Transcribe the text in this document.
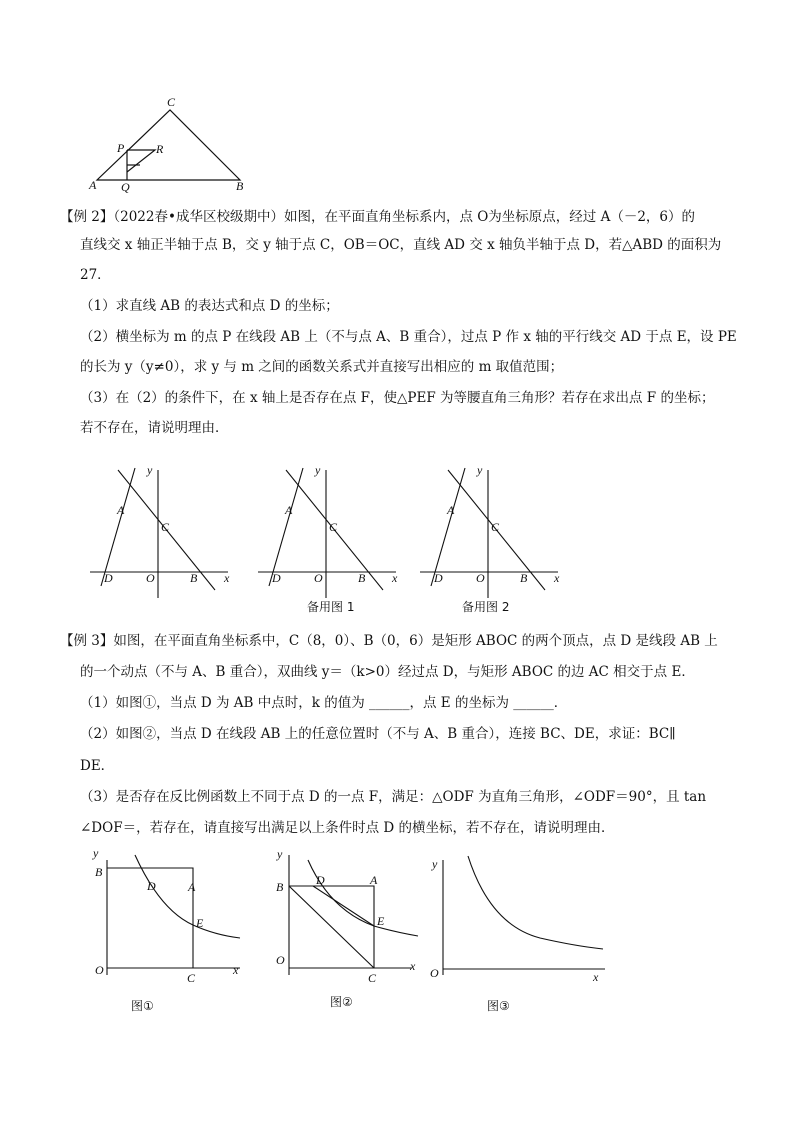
C
P	R
A Q	B
y
A
C
D	O	B x
y
A
C
D	O	B x
y
A
C
D	O	B x
y
B
D	A
E
O
C
x
y
B	D	A
E
O
C
x
y
O	x
【例 2】（2022春•成华区校级期中）如图，在平面直角坐标系内，点 O为坐标原点，经过 A（－2，6）的
直线交 x 轴正半轴于点 B，交 y 轴于点 C，OB＝OC，直线 AD 交 x 轴负半轴于点 D，若△ABD 的面积为
27．
（1）求直线 AB 的表达式和点 D 的坐标；
（2）横坐标为 m 的点 P 在线段 AB 上（不与点 A、B 重合），过点 P 作 x 轴的平行线交 AD 于点 E，设 PE
的长为 y（y≠0），求 y 与 m 之间的函数关系式并直接写出相应的 m 取值范围；
（3）在（2）的条件下，在 x 轴上是否存在点 F，使△PEF 为等腰直角三角形？若存在求出点 F 的坐标；
若不存在，请说明理由．
备用图 1	备用图 2
【例 3】如图，在平面直角坐标系中，C（8，0）、B（0，6）是矩形 ABOC 的两个顶点，点 D 是线段 AB 上
的一个动点（不与 A、B 重合），双曲线 y＝（k>0）经过点 D，与矩形 ABOC 的边 AC 相交于点 E．
（1）如图①，当点 D 为 AB 中点时，k 的值为 ______，点 E 的坐标为 ______．
（2）如图②，当点 D 在线段 AB 上的任意位置时（不与 A、B 重合），连接 BC、DE，求证：BC∥
DE．
（3）是否存在反比例函数上不同于点 D 的一点 F，满足：△ODF 为直角三角形，∠ODF＝90°，且 tan
∠DOF＝，若存在，请直接写出满足以上条件时点 D 的横坐标，若不存在，请说明理由．
图①	图②	图③
